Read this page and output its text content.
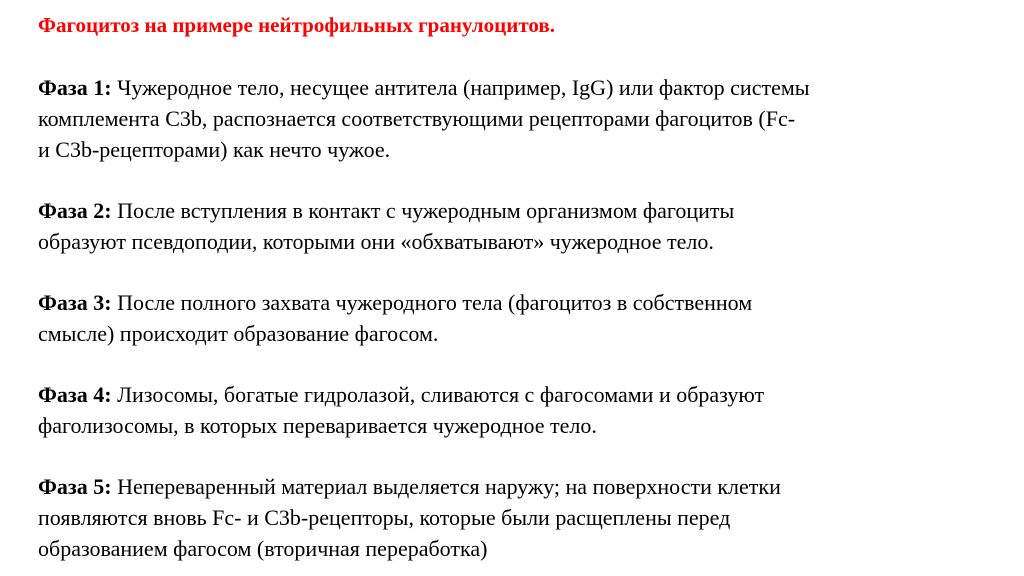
Фагоцитоз на примере нейтрофильных гранулоцитов.
Фаза 1: Чужеродное тело, несущее антитела (например, IgG) или фактор системы
комплемента C3b, распознается соответствующими рецепторами фагоцитов (Fc-
и C3b-рецепторами) как нечто чужое.
Фаза 2: После вступления в контакт с чужеродным организмом фагоциты
образуют псевдоподии, которыми они «обхватывают» чужеродное тело.
Фаза 3: После полного захвата чужеродного тела (фагоцитоз в собственном
смысле) происходит образование фагосом.
Фаза 4: Лизосомы, богатые гидролазой, сливаются с фагосомами и образуют
фаголизосомы, в которых переваривается чужеродное тело.
Фаза 5: Непереваренный материал выделяется наружу; на поверхности клетки
появляются вновь Fc- и C3b-рецепторы, которые были расщеплены перед
образованием фагосом (вторичная переработка)
